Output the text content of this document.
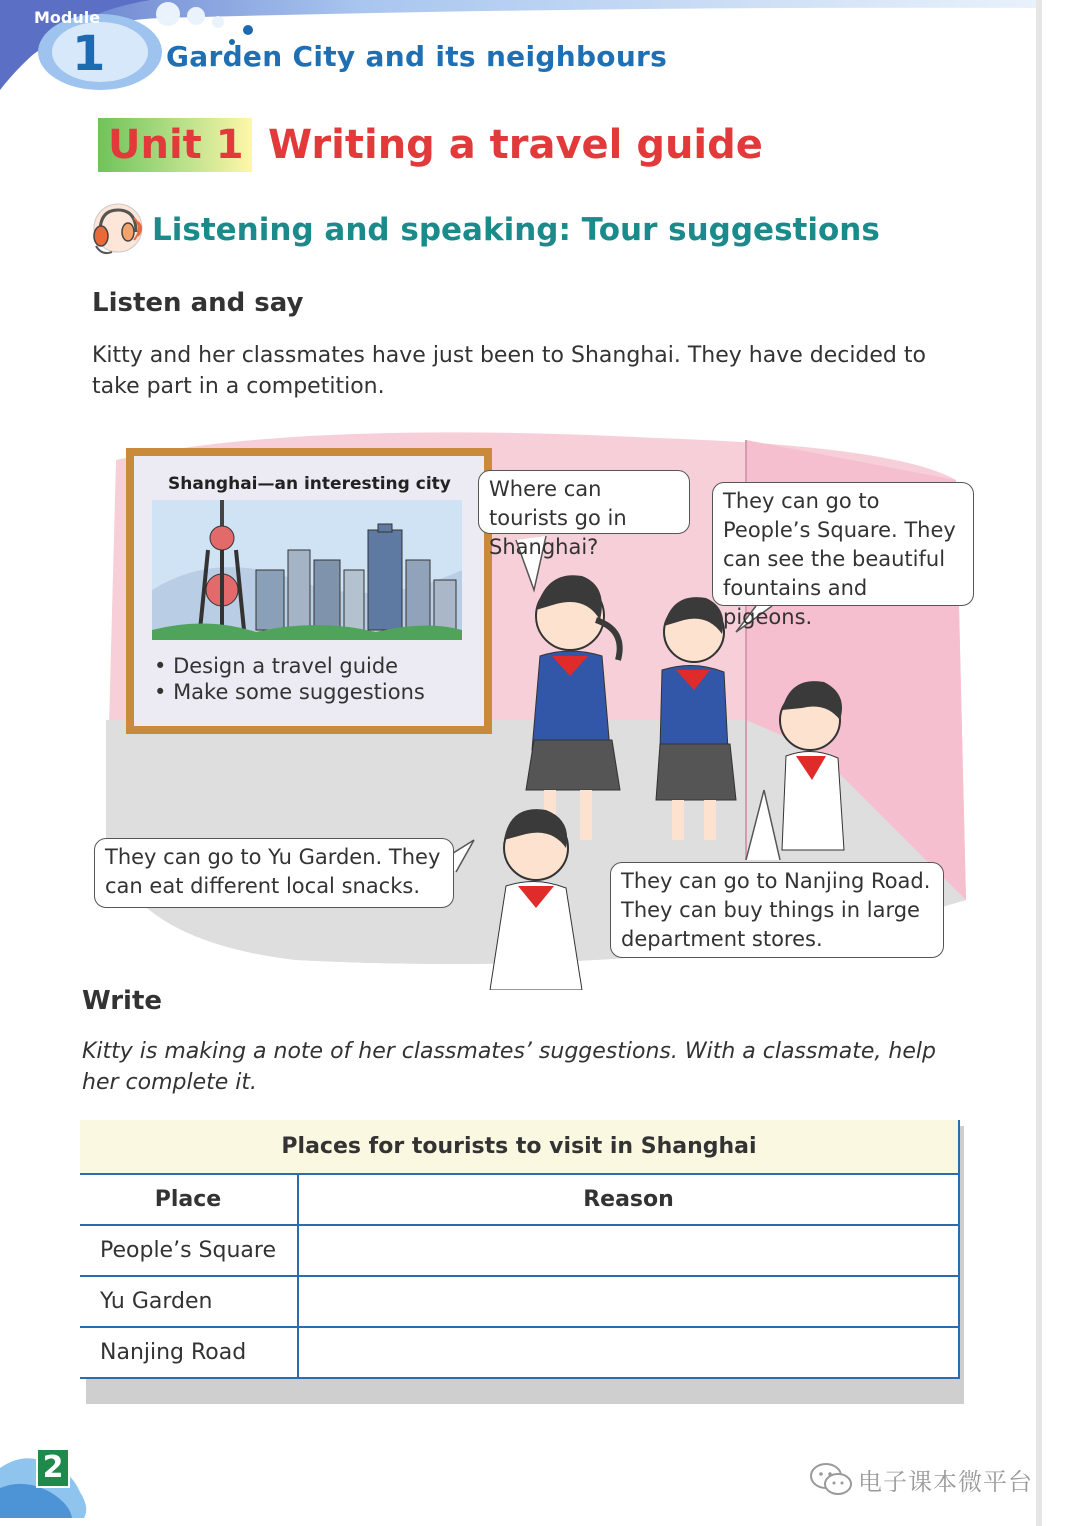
Module
1 Garden City and its neighbours
Unit 1 Writing a travel guide
Listening and speaking: Tour suggestions
Listen and say
Kitty and her classmates have just been to Shanghai. They have decided to take part in a competition.
Shanghai—an interesting city
• Design a travel guide
• Make some suggestions
Where can tourists go in Shanghai?
They can go to People’s Square. They can see the beautiful fountains and pigeons.
They can go to Yu Garden. They can eat different local snacks.	They can go to Nanjing Road. They can buy things in large department stores.
Write
Kitty is making a note of her classmates’ suggestions. With a classmate, help her complete it.
Places for tourists to visit in Shanghai	
Place	Reason
People’s Square	
Yu Garden	
Nanjing Road	
2	电子课本微平台
